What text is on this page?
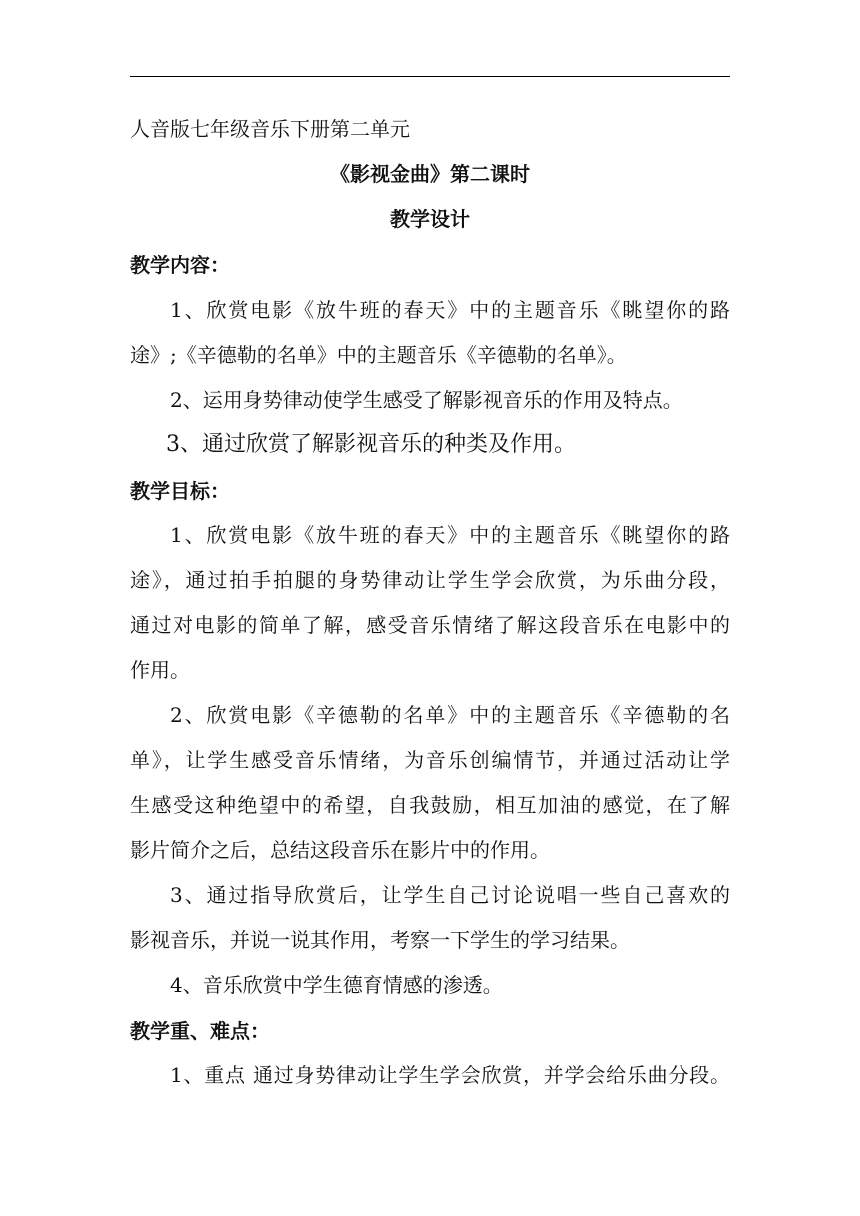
人音版七年级音乐下册第二单元
《影视金曲》第二课时
教学设计
教学内容：
1、欣赏电影《放牛班的春天》中的主题音乐《眺望你的路
途》;《辛德勒的名单》中的主题音乐《辛德勒的名单》。
2、运用身势律动使学生感受了解影视音乐的作用及特点。
3、通过欣赏了解影视音乐的种类及作用。
教学目标：
1、欣赏电影《放牛班的春天》中的主题音乐《眺望你的路
途》，通过拍手拍腿的身势律动让学生学会欣赏，为乐曲分段，
通过对电影的简单了解，感受音乐情绪了解这段音乐在电影中的
作用。
2、欣赏电影《辛德勒的名单》中的主题音乐《辛德勒的名
单》，让学生感受音乐情绪，为音乐创编情节，并通过活动让学
生感受这种绝望中的希望，自我鼓励，相互加油的感觉，在了解
影片简介之后，总结这段音乐在影片中的作用。
3、通过指导欣赏后，让学生自己讨论说唱一些自己喜欢的
影视音乐，并说一说其作用，考察一下学生的学习结果。
4、音乐欣赏中学生德育情感的渗透。
教学重、难点：
1、重点 通过身势律动让学生学会欣赏，并学会给乐曲分段。
